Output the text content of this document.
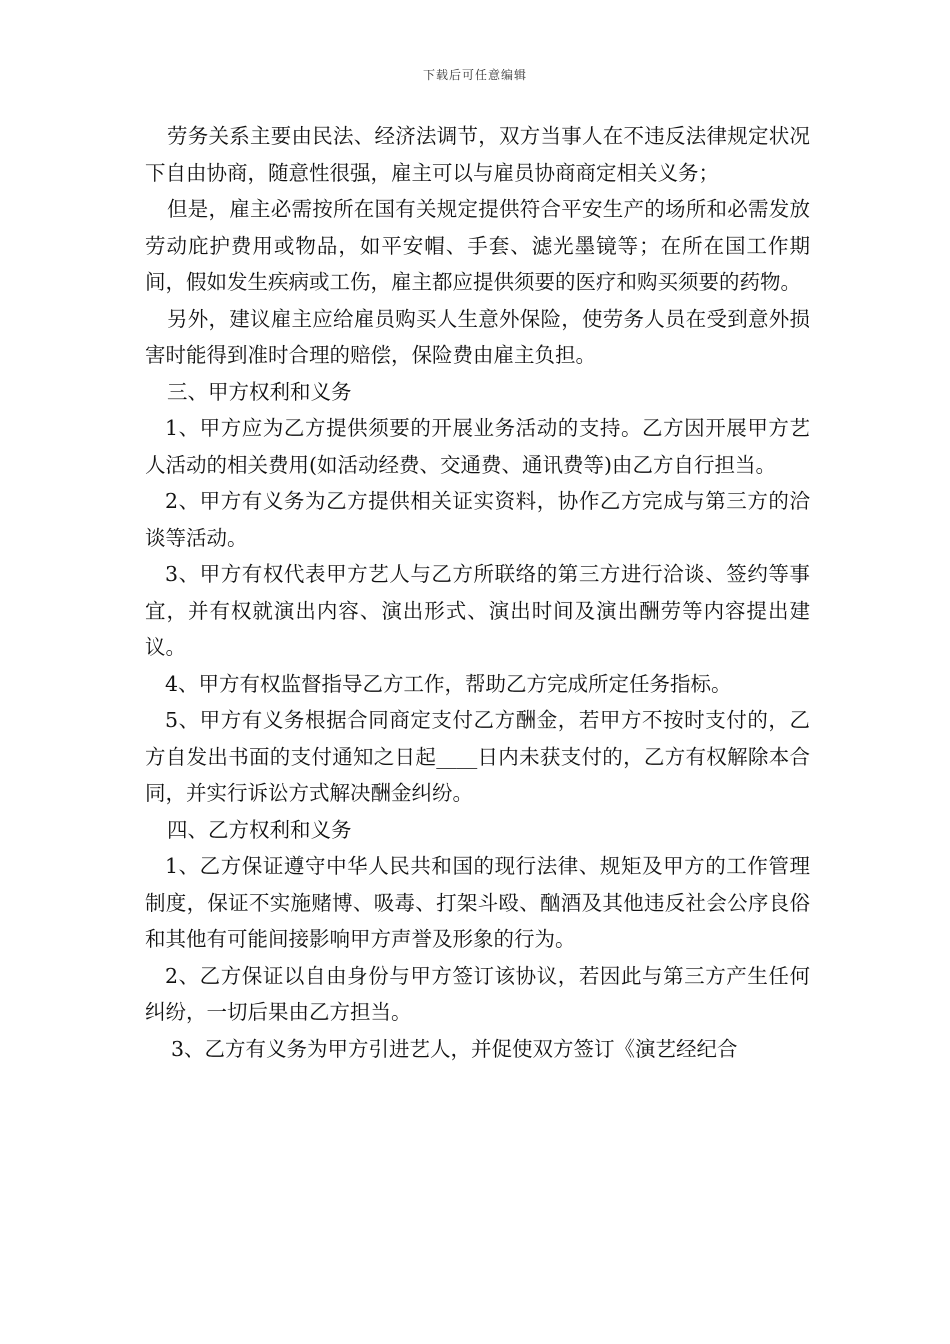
下载后可任意编辑

劳务关系主要由民法、经济法调节，双方当事人在不违反法律规定状况下自由协商，随意性很强，雇主可以与雇员协商商定相关义务；

但是，雇主必需按所在国有关规定提供符合平安生产的场所和必需发放劳动庇护费用或物品，如平安帽、手套、滤光墨镜等；在所在国工作期间，假如发生疾病或工伤，雇主都应提供须要的医疗和购买须要的药物。

另外，建议雇主应给雇员购买人生意外保险，使劳务人员在受到意外损害时能得到准时合理的赔偿，保险费由雇主负担。

三、甲方权利和义务

1、甲方应为乙方提供须要的开展业务活动的支持。乙方因开展甲方艺人活动的相关费用(如活动经费、交通费、通讯费等)由乙方自行担当。

2、甲方有义务为乙方提供相关证实资料，协作乙方完成与第三方的洽谈等活动。

3、甲方有权代表甲方艺人与乙方所联络的第三方进行洽谈、签约等事宜，并有权就演出内容、演出形式、演出时间及演出酬劳等内容提出建议。

4、甲方有权监督指导乙方工作，帮助乙方完成所定任务指标。

5、甲方有义务根据合同商定支付乙方酬金，若甲方不按时支付的，乙方自发出书面的支付通知之日起____日内未获支付的，乙方有权解除本合同，并实行诉讼方式解决酬金纠纷。

四、乙方权利和义务

1、乙方保证遵守中华人民共和国的现行法律、规矩及甲方的工作管理制度，保证不实施赌博、吸毒、打架斗殴、酗酒及其他违反社会公序良俗和其他有可能间接影响甲方声誉及形象的行为。

2、乙方保证以自由身份与甲方签订该协议，若因此与第三方产生任何纠纷，一切后果由乙方担当。

3、乙方有义务为甲方引进艺人，并促使双方签订《演艺经纪合
